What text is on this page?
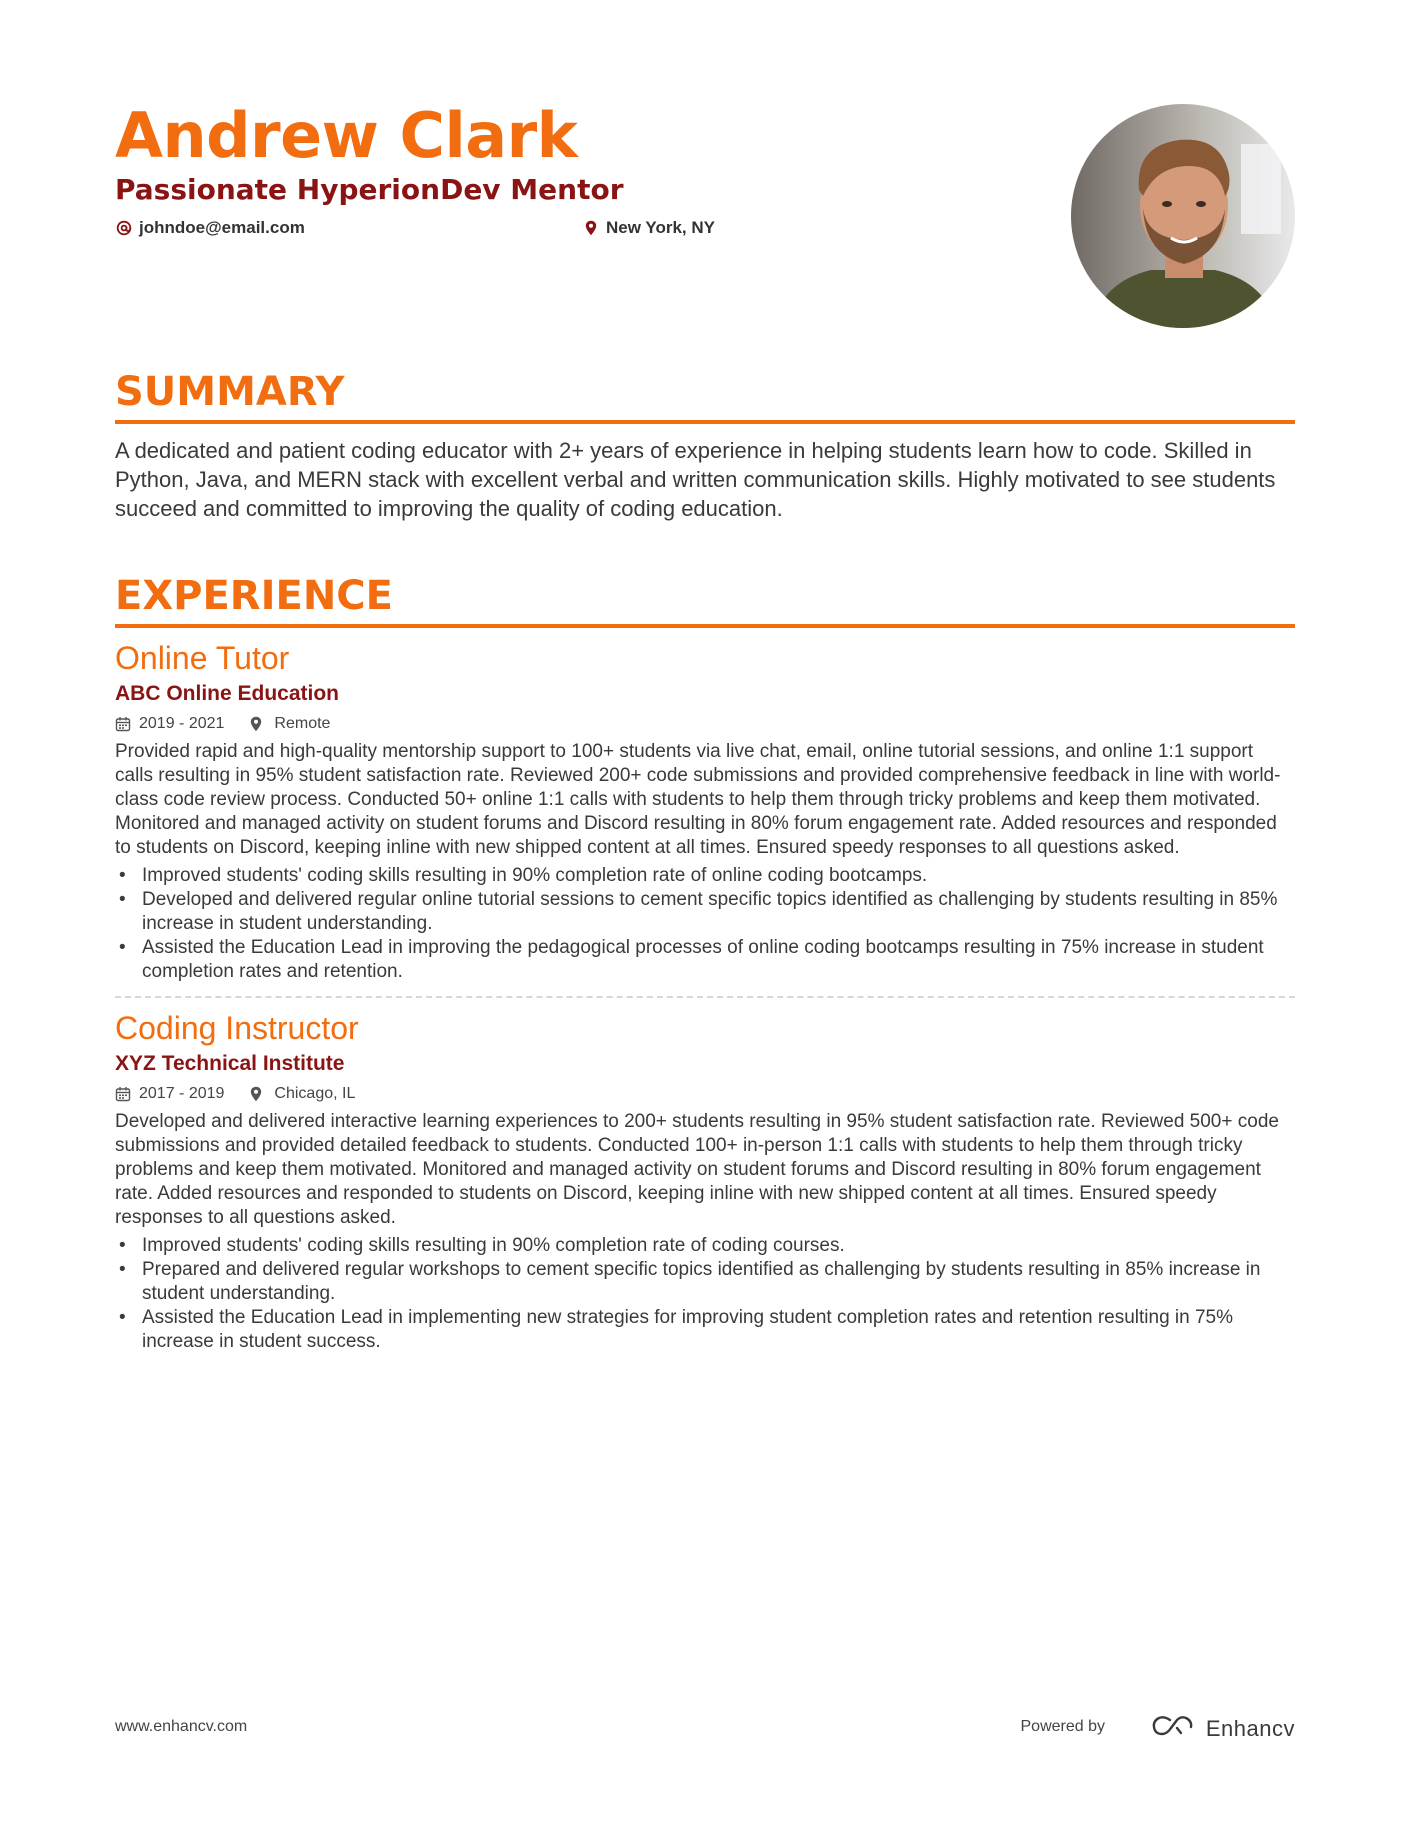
Andrew Clark
Passionate HyperionDev Mentor
johndoe@email.com	New York, NY
SUMMARY

A dedicated and patient coding educator with 2+ years of experience in helping students learn how to code. Skilled in Python, Java, and MERN stack with excellent verbal and written communication skills. Highly motivated to see students succeed and committed to improving the quality of coding education.

EXPERIENCE
Online Tutor
ABC Online Education
2019 - 2021	Remote

Provided rapid and high-quality mentorship support to 100+ students via live chat, email, online tutorial sessions, and online 1:1 support calls resulting in 95% student satisfaction rate. Reviewed 200+ code submissions and provided comprehensive feedback in line with world-class code review process. Conducted 50+ online 1:1 calls with students to help them through tricky problems and keep them motivated. Monitored and managed activity on student forums and Discord resulting in 80% forum engagement rate. Added resources and responded to students on Discord, keeping inline with new shipped content at all times. Ensured speedy responses to all questions asked.

• Improved students' coding skills resulting in 90% completion rate of online coding bootcamps.
• Developed and delivered regular online tutorial sessions to cement specific topics identified as challenging by students resulting in 85% increase in student understanding.
• Assisted the Education Lead in improving the pedagogical processes of online coding bootcamps resulting in 75% increase in student completion rates and retention.
Coding Instructor
XYZ Technical Institute
2017 - 2019	Chicago, IL

Developed and delivered interactive learning experiences to 200+ students resulting in 95% student satisfaction rate. Reviewed 500+ code submissions and provided detailed feedback to students. Conducted 100+ in-person 1:1 calls with students to help them through tricky problems and keep them motivated. Monitored and managed activity on student forums and Discord resulting in 80% forum engagement rate. Added resources and responded to students on Discord, keeping inline with new shipped content at all times. Ensured speedy responses to all questions asked.

• Improved students' coding skills resulting in 90% completion rate of coding courses.
• Prepared and delivered regular workshops to cement specific topics identified as challenging by students resulting in 85% increase in student understanding.
• Assisted the Education Lead in implementing new strategies for improving student completion rates and retention resulting in 75% increase in student success.
www.enhancv.com	Powered by	Enhancv
